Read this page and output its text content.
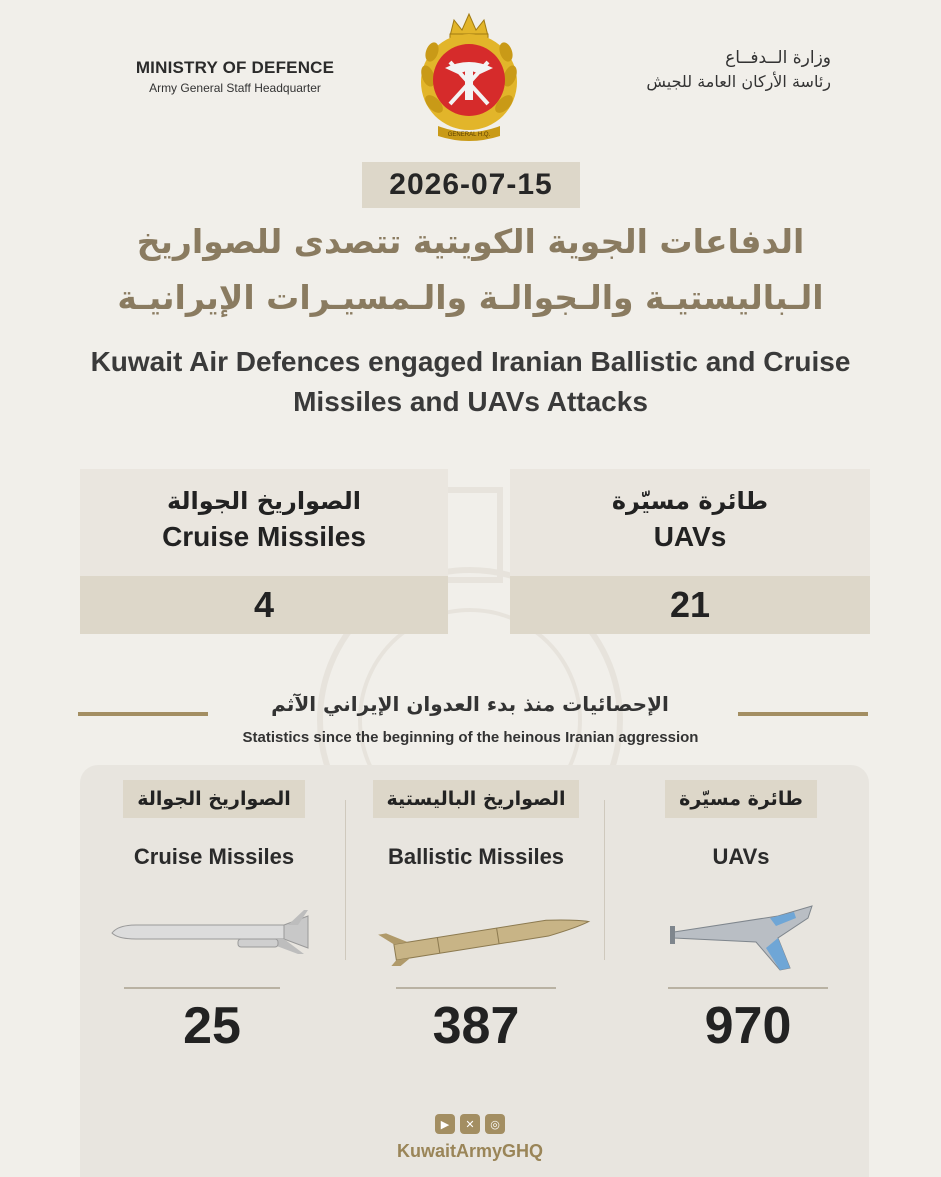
MINISTRY OF DEFENCE
Army General Staff Headquarter
GENERAL H.Q.
وزارة الــدفــاع
رئاسة الأركان العامة للجيش
2026-07-15
الدفاعات الجوية الكويتية تتصدى للصواريخ
الـباليستيـة والـجوالـة والـمسيـرات الإيرانيـة
Kuwait Air Defences engaged Iranian Ballistic and Cruise Missiles and UAVs Attacks
الصواريخ الجوالة
Cruise Missiles
4
طائرة مسيّرة
UAVs
21
الإحصائيات منذ بدء العدوان الإيراني الآثم
Statistics since the beginning of the heinous Iranian aggression
الصواريخ الجوالة
Cruise Missiles
الصواريخ الباليستية
Ballistic Missiles
طائرة مسيّرة
UAVs
25	387	970
▶	✕	◎
KuwaitArmyGHQ
